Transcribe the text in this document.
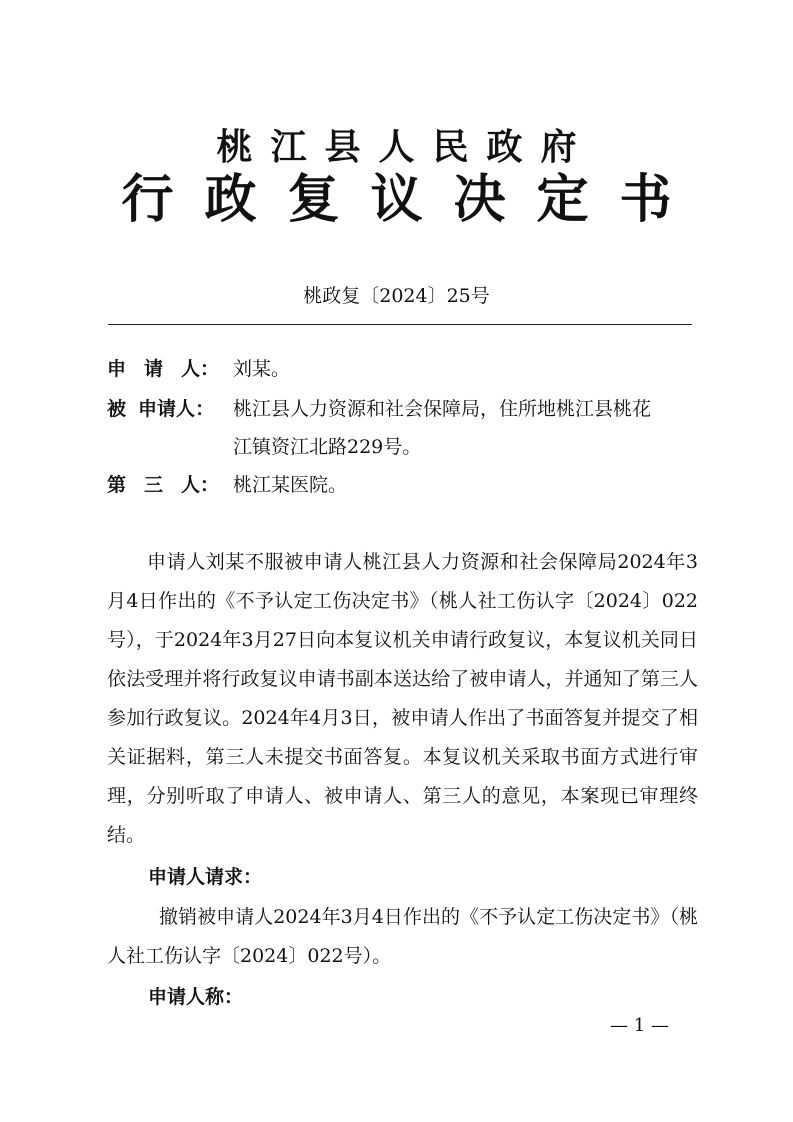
桃江县人民政府
行政复议决定书
桃政复〔2024〕25号
申 请 人： 刘某。
被 申请人： 桃江县人力资源和社会保障局，住所地桃江县桃花
江镇资江北路229号。
第 三 人： 桃江某医院。
申请人刘某不服被申请人桃江县人力资源和社会保障局2024年3月4日作出的《不予认定工伤决定书》（桃人社工伤认字〔2024〕022号），于2024年3月27日向本复议机关申请行政复议，本复议机关同日依法受理并将行政复议申请书副本送达给了被申请人，并通知了第三人参加行政复议。2024年4月3日，被申请人作出了书面答复并提交了相关证据料，第三人未提交书面答复。本复议机关采取书面方式进行审理，分别听取了申请人、被申请人、第三人的意见，本案现已审理终结。
申请人请求：
撤销被申请人2024年3月4日作出的《不予认定工伤决定书》（桃人社工伤认字〔2024〕022号）。
申请人称：
— 1 —
